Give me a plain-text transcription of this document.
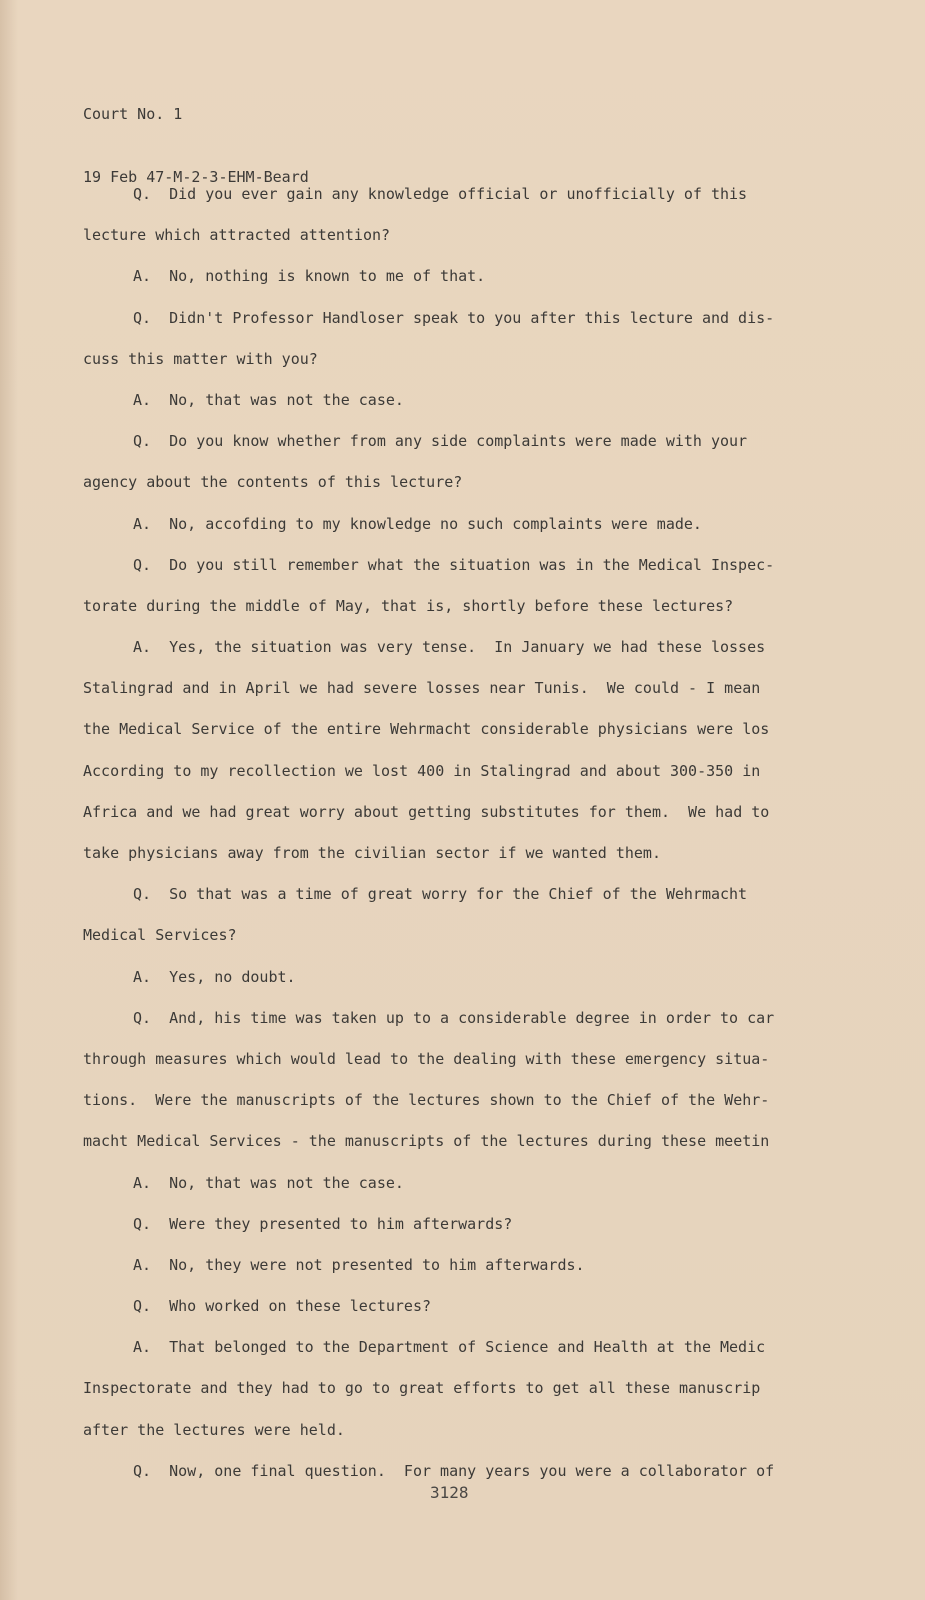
Court No. 1

19 Feb 47-M-2-3-EHM-Beard

Q.  Did you ever gain any knowledge official or unofficially of this
lecture which attracted attention?
A.  No, nothing is known to me of that.
Q.  Didn't Professor Handloser speak to you after this lecture and dis-
cuss this matter with you?
A.  No, that was not the case.
Q.  Do you know whether from any side complaints were made with your
agency about the contents of this lecture?
A.  No, accofding to my knowledge no such complaints were made.
Q.  Do you still remember what the situation was in the Medical Inspec-
torate during the middle of May, that is, shortly before these lectures?
A.  Yes, the situation was very tense.  In January we had these losses
Stalingrad and in April we had severe losses near Tunis.  We could - I mean
the Medical Service of the entire Wehrmacht considerable physicians were los
According to my recollection we lost 400 in Stalingrad and about 300-350 in
Africa and we had great worry about getting substitutes for them.  We had to
take physicians away from the civilian sector if we wanted them.
Q.  So that was a time of great worry for the Chief of the Wehrmacht
Medical Services?
A.  Yes, no doubt.
Q.  And, his time was taken up to a considerable degree in order to car
through measures which would lead to the dealing with these emergency situa-
tions.  Were the manuscripts of the lectures shown to the Chief of the Wehr-
macht Medical Services - the manuscripts of the lectures during these meetin
A.  No, that was not the case.
Q.  Were they presented to him afterwards?
A.  No, they were not presented to him afterwards.
Q.  Who worked on these lectures?
A.  That belonged to the Department of Science and Health at the Medic
Inspectorate and they had to go to great efforts to get all these manuscrip
after the lectures were held.
Q.  Now, one final question.  For many years you were a collaborator of
3128
